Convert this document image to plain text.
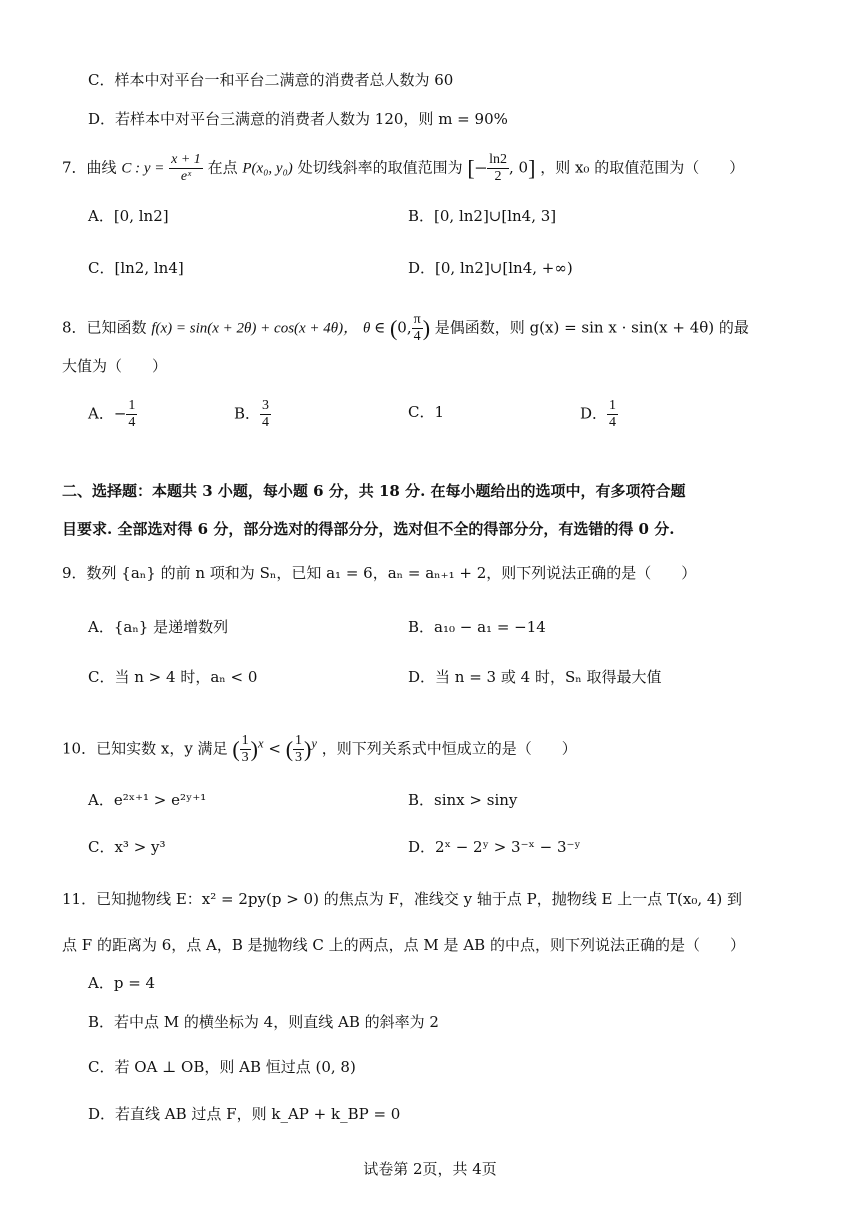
C．样本中对平台一和平台二满意的消费者总人数为 60
D．若样本中对平台三满意的消费者人数为 120，则 m = 90%
7．曲线 C : $y = \frac{x + 1}{\text{eˣ}}$ 在点 P(x₀, y₀) 处切线斜率的取值范围为 [− $\frac{\ln 2}{2}$ , 0] ，则 x₀ 的取值范围为（　　）
A．[0, ln2]	B．[0, ln2]∪[ln4, 3]
C．[ln2, ln4]	D．[0, ln2]∪[ln4, +∞)
8．已知函数 f(x) = sin(x + 2θ) + cos(x + 4θ)， θ ∈ (0, $\frac{\pi}{4}$ ) 是偶函数，则 g(x) = sin x · sin(x + 4θ) 的最
大值为（　　）
A．− $\frac{1}{4}$	B． $\frac{3}{4}$	C．1	D． $\frac{1}{4}$
二、选择题：本题共 3 小题，每小题 6 分，共 18 分. 在每小题给出的选项中，有多项符合题
目要求. 全部选对得 6 分，部分选对的得部分分，选对但不全的得部分分，有选错的得 0 分.
9．数列 {aₙ} 的前 n 项和为 Sₙ，已知 a₁ = 6，aₙ = aₙ₊₁ + 2，则下列说法正确的是（　　）
A．{aₙ} 是递增数列	B．a₁₀ − a₁ = −14
C．当 n > 4 时，aₙ < 0	D．当 n = 3 或 4 时，Sₙ 取得最大值
10．已知实数 x，y 满足 ( $\frac{1}{3} )^x$ < ( $\frac{1}{3} )^y$ ，则下列关系式中恒成立的是（　　）
A．e²ˣ⁺¹ > e²ʸ⁺¹	B．sinx > siny
C．x³ > y³	D．2ˣ − 2ʸ > 3⁻ˣ − 3⁻ʸ
11．已知抛物线 E：x² = 2py(p > 0) 的焦点为 F，准线交 y 轴于点 P，抛物线 E 上一点 T(x₀, 4) 到
点 F 的距离为 6，点 A，B 是抛物线 C 上的两点，点 M 是 AB 的中点，则下列说法正确的是（　　）
A．p = 4
B．若中点 M 的横坐标为 4，则直线 AB 的斜率为 2
C．若 OA ⊥ OB，则 AB 恒过点 (0, 8)
D．若直线 AB 过点 F，则 k_AP + k_BP = 0
试卷第 2页，共 4页
